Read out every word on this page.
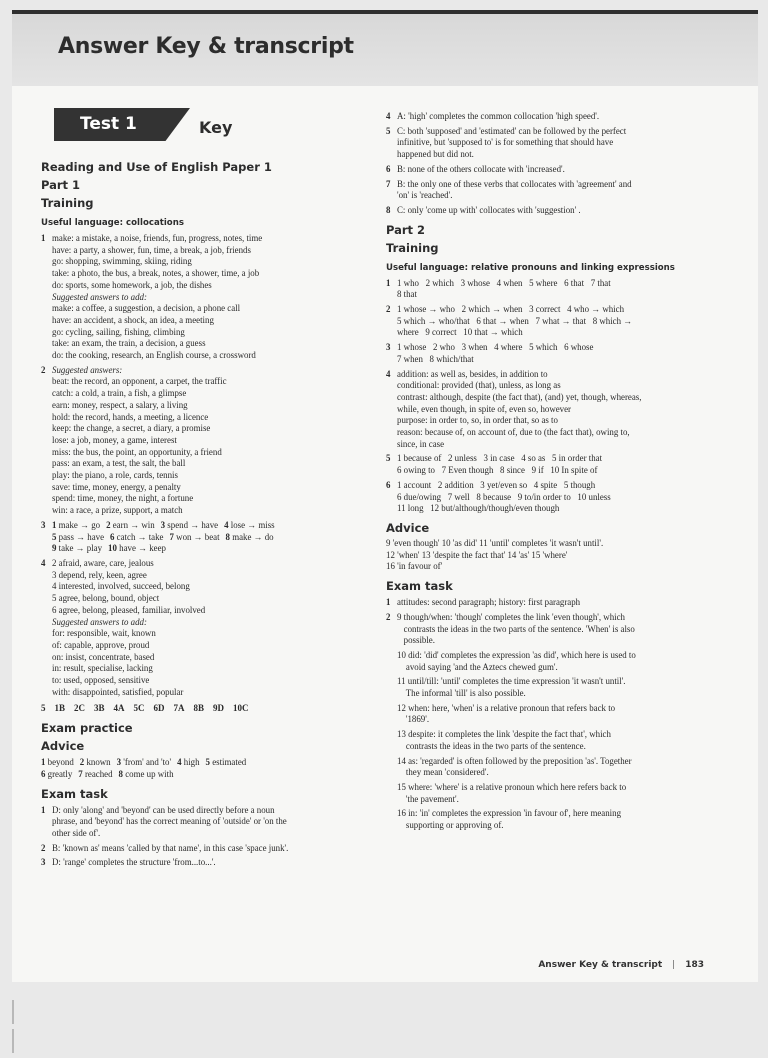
Answer Key & transcript
Test 1	Key
Reading and Use of English Paper 1
Part 1
Training
Useful language: collocations
1 make: a mistake, a noise, friends, fun, progress, notes, time
have: a party, a shower, fun, time, a break, a job, friends
go: shopping, swimming, skiing, riding
take: a photo, the bus, a break, notes, a shower, time, a job
do: sports, some homework, a job, the dishes
Suggested answers to add:
make: a coffee, a suggestion, a decision, a phone call
have: an accident, a shock, an idea, a meeting
go: cycling, sailing, fishing, climbing
take: an exam, the train, a decision, a guess
do: the cooking, research, an English course, a crossword
2 Suggested answers:
beat: the record, an opponent, a carpet, the traffic
catch: a cold, a train, a fish, a glimpse
earn: money, respect, a salary, a living
hold: the record, hands, a meeting, a licence
keep: the change, a secret, a diary, a promise
lose: a job, money, a game, interest
miss: the bus, the point, an opportunity, a friend
pass: an exam, a test, the salt, the ball
play: the piano, a role, cards, tennis
save: time, money, energy, a penalty
spend: time, money, the night, a fortune
win: a race, a prize, support, a match
3 1 make → go 2 earn → win 3 spend → have 4 lose → miss
5 pass → have 6 catch → take 7 won → beat 8 make → do
9 take → play 10 have → keep
4 2 afraid, aware, care, jealous
3 depend, rely, keen, agree
4 interested, involved, succeed, belong
5 agree, belong, bound, object
6 agree, belong, pleased, familiar, involved
Suggested answers to add:
for: responsible, wait, known
of: capable, approve, proud
on: insist, concentrate, based
in: result, specialise, lacking
to: used, opposed, sensitive
with: disappointed, satisfied, popular
5 1B 2C 3B 4A 5C 6D 7A 8B 9D 10C
Exam practice
Advice
1 beyond 2 known 3 'from' and 'to' 4 high 5 estimated
6 greatly 7 reached 8 come up with
Exam task
1 D: only 'along' and 'beyond' can be used directly before a noun
phrase, and 'beyond' has the correct meaning of 'outside' or 'on the
other side of'.
2 B: 'known as' means 'called by that name', in this case 'space junk'.
3 D: 'range' completes the structure 'from...to...'.
4 A: 'high' completes the common collocation 'high speed'.
5 C: both 'supposed' and 'estimated' can be followed by the perfect
infinitive, but 'supposed to' is for something that should have
happened but did not.
6 B: none of the others collocate with 'increased'.
7 B: the only one of these verbs that collocates with 'agreement' and
'on' is 'reached'.
8 C: only 'come up with' collocates with 'suggestion' .
Part 2
Training
Useful language: relative pronouns and linking expressions
1 1 who   2 which   3 whose   4 when   5 where   6 that   7 that
8 that
2 1 whose → who   2 which → when   3 correct   4 who → which
5 which → who/that   6 that → when   7 what → that   8 which →
where   9 correct   10 that → which
3 1 whose   2 who   3 when   4 where   5 which   6 whose
7 when   8 which/that
4 addition: as well as, besides, in addition to
conditional: provided (that), unless, as long as
contrast: although, despite (the fact that), (and) yet, though, whereas,
while, even though, in spite of, even so, however
purpose: in order to, so, in order that, so as to
reason: because of, on account of, due to (the fact that), owing to,
since, in case
5 1 because of   2 unless   3 in case   4 so as   5 in order that
6 owing to   7 Even though   8 since   9 if   10 In spite of
6 1 account   2 addition   3 yet/even so   4 spite   5 though
6 due/owing   7 well   8 because   9 to/in order to   10 unless
11 long   12 but/although/though/even though
Advice
9 'even though' 10 'as did' 11 'until' completes 'it wasn't until'.
12 'when' 13 'despite the fact that' 14 'as' 15 'where'
16 'in favour of'
Exam task
1 attitudes: second paragraph; history: first paragraph
2 9 though/when: 'though' completes the link 'even though', which
contrasts the ideas in the two parts of the sentence. 'When' is also
possible.
10 did: 'did' completes the expression 'as did', which here is used to
avoid saying 'and the Aztecs chewed gum'.
11 until/till: 'until' completes the time expression 'it wasn't until'.
The informal 'till' is also possible.
12 when: here, 'when' is a relative pronoun that refers back to
'1869'.
13 despite: it completes the link 'despite the fact that', which
contrasts the ideas in the two parts of the sentence.
14 as: 'regarded' is often followed by the preposition 'as'. Together
they mean 'considered'.
15 where: 'where' is a relative pronoun which here refers back to
'the pavement'.
16 in: 'in' completes the expression 'in favour of', here meaning
supporting or approving of.
Answer Key & transcript | 183
